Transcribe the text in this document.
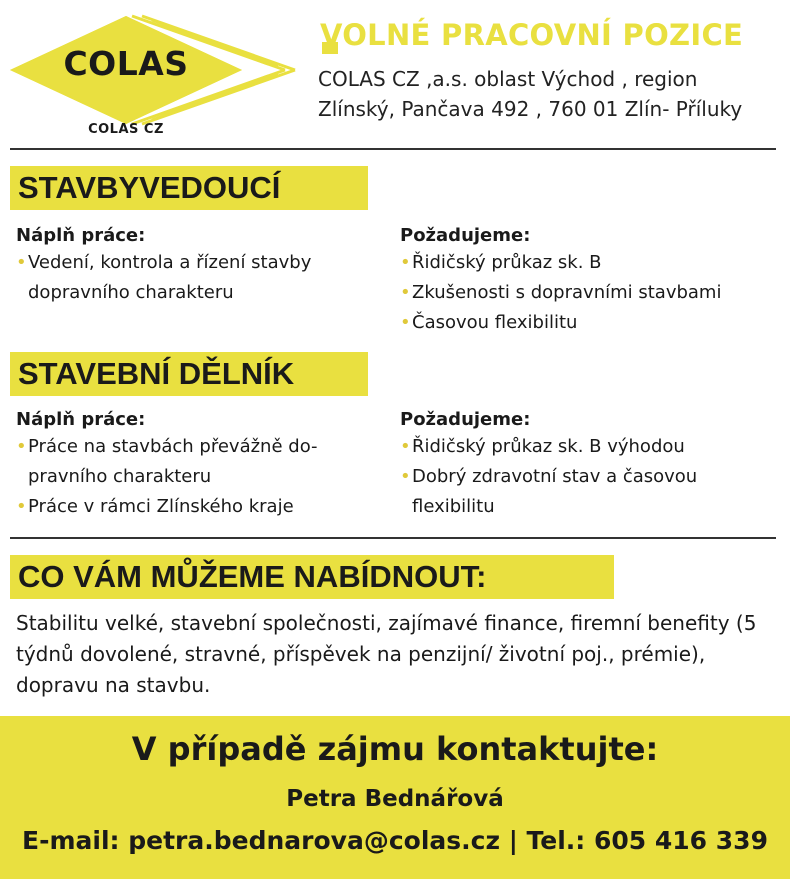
COLAS
COLAS CZ
VOLNÉ PRACOVNÍ POZICE
COLAS CZ ,a.s. oblast Východ , region
Zlínský, Pančava 492 , 760 01 Zlín- Příluky
STAVBYVEDOUCÍ
Náplň práce:
• Vedení, kontrola a řízení stavby dopravního charakteru
Požadujeme:
• Řidičský průkaz sk. B
• Zkušenosti s dopravními stavbami
• Časovou flexibilitu
STAVEBNÍ DĚLNÍK
Náplň práce:
• Práce na stavbách převážně do-pravního charakteru
• Práce v rámci Zlínského kraje
Požadujeme:
• Řidičský průkaz sk. B výhodou
• Dobrý zdravotní stav a časovou flexibilitu
CO VÁM MŮŽEME NABÍDNOUT:
Stabilitu velké, stavební společnosti, zajímavé finance, firemní benefity (5 týdnů dovolené, stravné, příspěvek na penzijní/ životní poj., prémie), dopravu na stavbu.
V případě zájmu kontaktujte:
Petra Bednářová
E-mail: petra.bednarova@colas.cz | Tel.: 605 416 339
